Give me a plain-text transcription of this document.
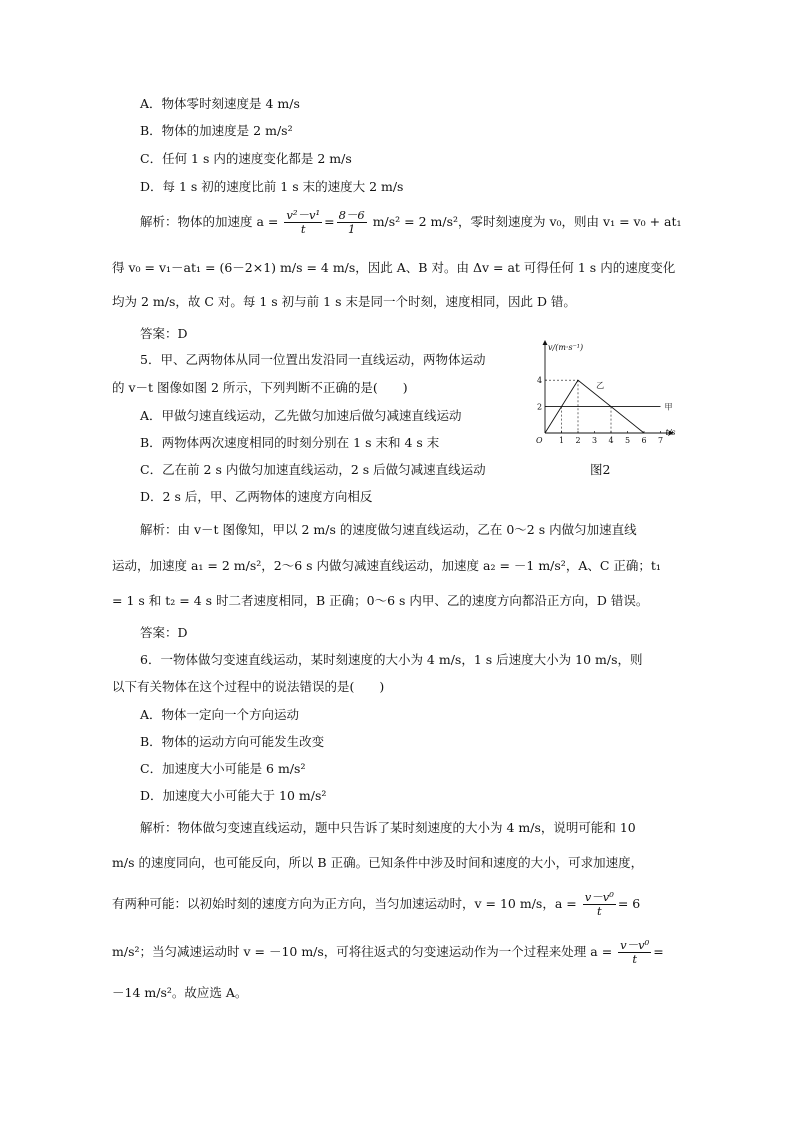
A．物体零时刻速度是 4 m/s
B．物体的加速度是 2 m/s²
C．任何 1 s 内的速度变化都是 2 m/s
D．每 1 s 初的速度比前 1 s 末的速度大 2 m/s
解析：物体的加速度 $a = \frac{\text{v²－v¹}}{t} = \frac{8-6}{1} m/s^2 = 2$ m/s²，零时刻速度为 v₀，则由 v₁ = v₀ + at₁
得 v₀ = v₁－at₁ = (6－2×1) m/s = 4 m/s，因此 A、B 对。由 Δv = at 可得任何 1 s 内的速度变化
均为 2 m/s，故 C 对。每 1 s 初与前 1 s 末是同一个时刻，速度相同，因此 D 错。
答案：D
5．甲、乙两物体从同一位置出发沿同一直线运动，两物体运动
的 v－t 图像如图 2 所示，下列判断不正确的是(　　)
A．甲做匀速直线运动，乙先做匀加速后做匀减速直线运动
B．两物体两次速度相同的时刻分别在 1 s 末和 4 s 末
C．乙在前 2 s 内做匀加速直线运动，2 s 后做匀减速直线运动
D．2 s 后，甲、乙两物体的速度方向相反
v/(m·s⁻¹)
t/s
O 1 2 3 4 5 6 7
2
4
甲
乙
图2
解析：由 v－t 图像知，甲以 2 m/s 的速度做匀速直线运动，乙在 0～2 s 内做匀加速直线
运动，加速度 a₁ = 2 m/s²，2～6 s 内做匀减速直线运动，加速度 a₂ = －1 m/s²，A、C 正确；t₁
= 1 s 和 t₂ = 4 s 时二者速度相同，B 正确；0～6 s 内甲、乙的速度方向都沿正方向，D 错误。
答案：D
6．一物体做匀变速直线运动，某时刻速度的大小为 4 m/s，1 s 后速度大小为 10 m/s，则
以下有关物体在这个过程中的说法错误的是(　　)
A．物体一定向一个方向运动
B．物体的运动方向可能发生改变
C．加速度大小可能是 6 m/s²
D．加速度大小可能大于 10 m/s²
解析：物体做匀变速直线运动，题中只告诉了某时刻速度的大小为 4 m/s，说明可能和 10
m/s 的速度同向，也可能反向，所以 B 正确。已知条件中涉及时间和速度的大小，可求加速度，
有两种可能：以初始时刻的速度方向为正方向，当匀加速运动时，v = 10 m/s，$a = \frac{\text{v－v⁰}}{t} = 6$
m/s²；当匀减速运动时 v = －10 m/s，可将往返式的匀变速运动作为一个过程来处理 $a = \frac{\text{v－v⁰}}{t}$ =
－14 m/s²。故应选 A。
